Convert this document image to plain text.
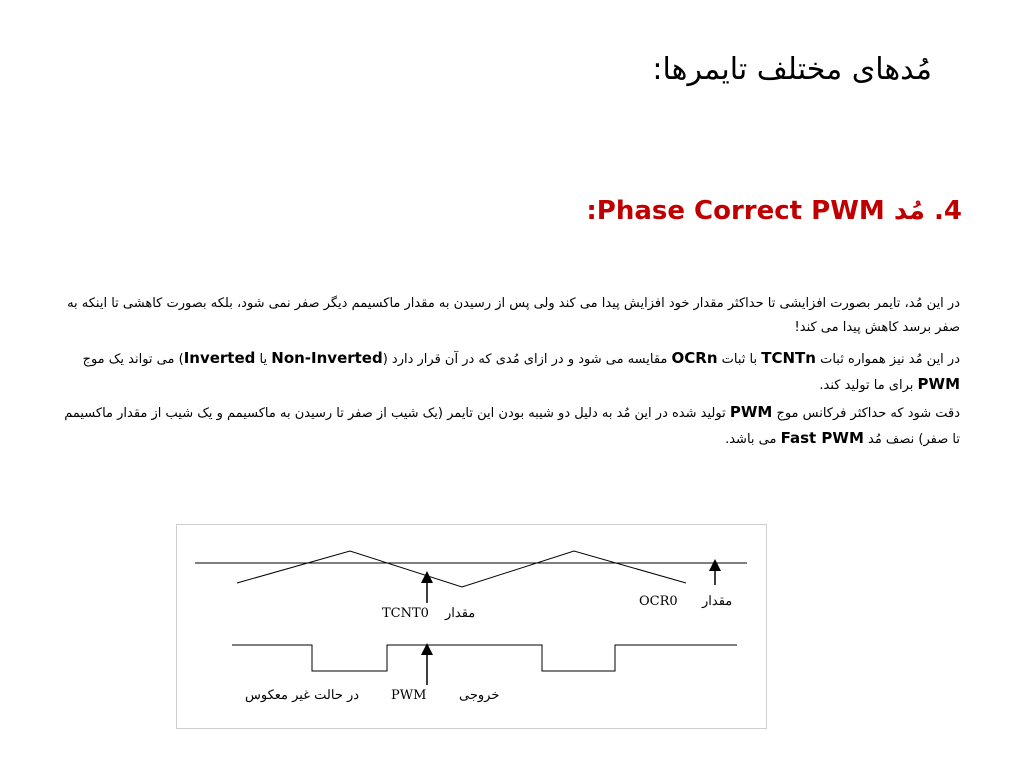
مُدهای مختلف تایمرها:
4. مُد Phase Correct PWM:
در این مُد، تایمر بصورت افزایشی تا حداکثر مقدار خود افزایش پیدا می کند ولی پس از رسیدن به مقدار ماکسیمم دیگر صفر نمی شود، بلکه بصورت کاهشی تا اینکه به صفر برسد کاهش پیدا می کند!
در این مُد نیز همواره ثبات TCNTn با ثبات OCRn مقایسه می شود و در ازای مُدی که در آن قرار دارد (Non-Inverted یا Inverted) می تواند یک موج PWM برای ما تولید کند.
دقت شود که حداکثر فرکانس موج PWM تولید شده در این مُد به دلیل دو شیبه بودن این تایمر (یک شیب از صفر تا رسیدن به ماکسیمم و یک شیب از مقدار ماکسیمم تا صفر) نصف مُد Fast PWM می باشد.
TCNT0 مقدار
OCR0 مقدار
در حالت غیر معکوس PWM	خروجی
